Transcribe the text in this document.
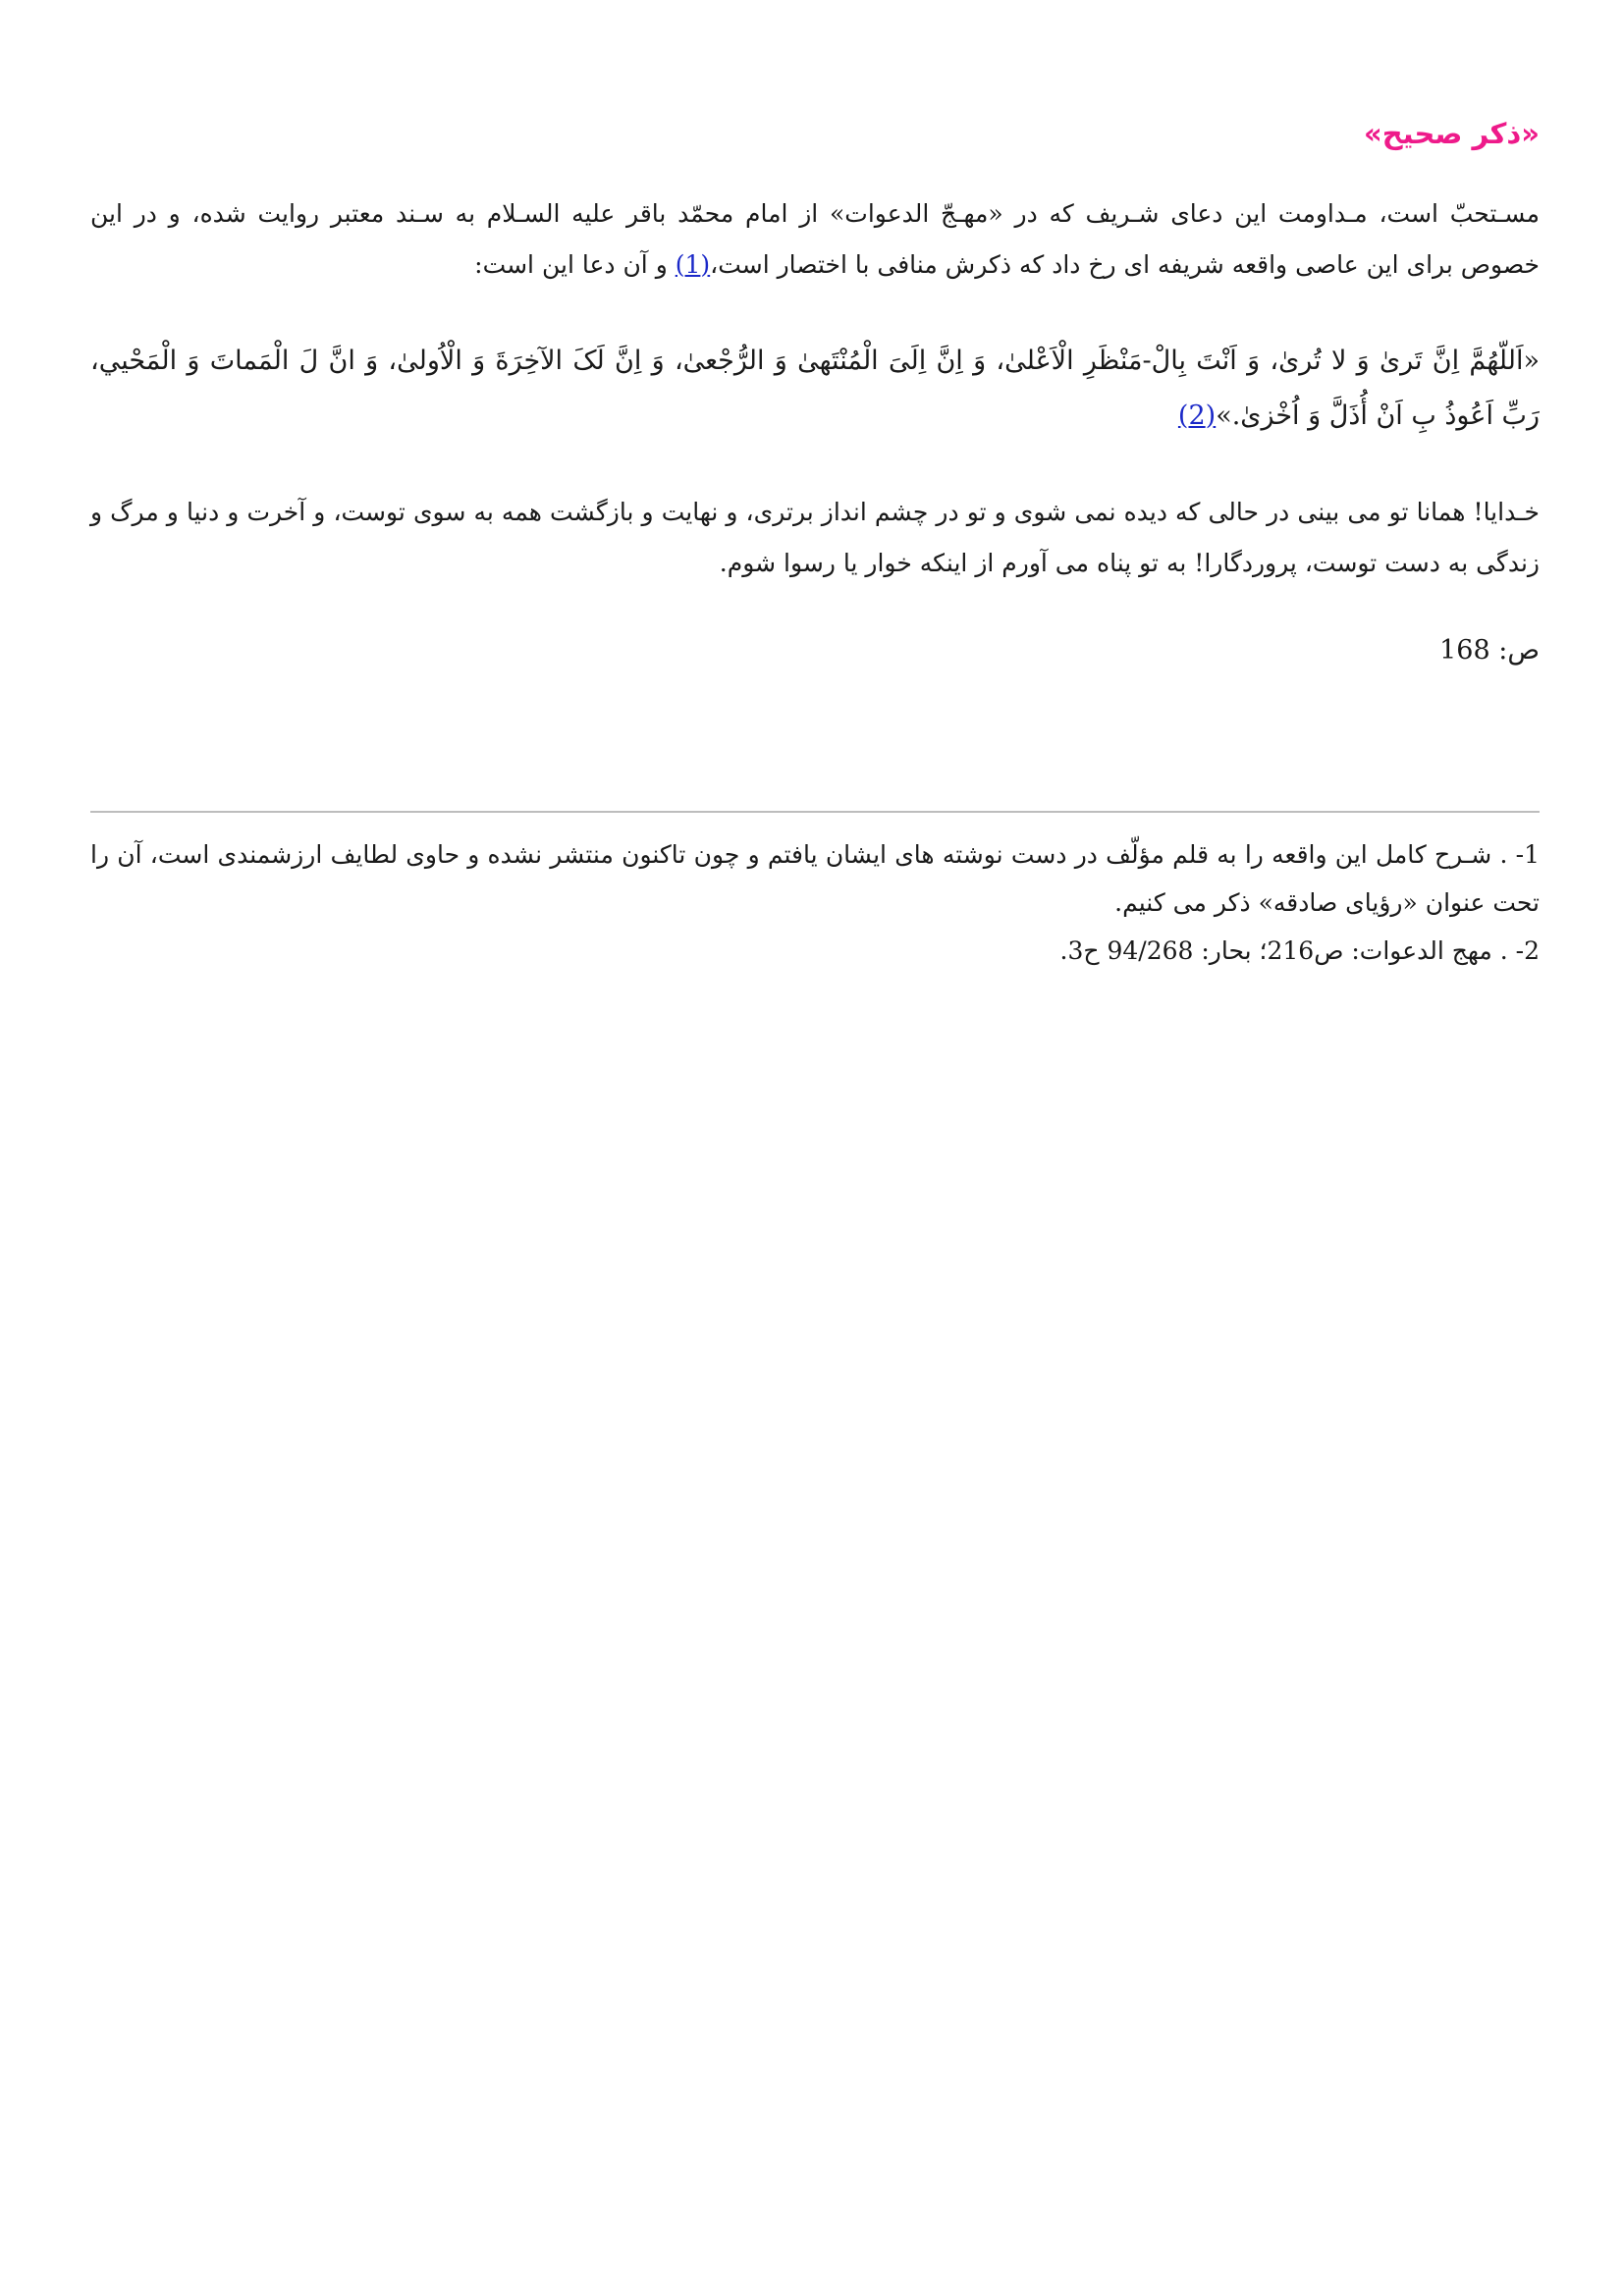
«ذکر صحیح»

مسـتحبّ است، مـداومت این دعای شـریف که در «مهـجّ الدعوات» از امام محمّد باقر علیه السـلام به سـند معتبر روایت شده، و در این خصوص برای این عاصی واقعه شریفه ای رخ داد که ذکرش منافی با اختصار است،(1) و آن دعا این است:

«اَللّهُمَّ اِنَّ تَریٰ وَ لا تُریٰ، وَ اَنْتَ بِالْ-مَنْظَرِ الْاَعْلیٰ، وَ اِنَّ اِلَیَ الْمُنْتَهیٰ وَ الرُّجْعیٰ، وَ اِنَّ لَکَ الآخِرَةَ وَ الْاُولیٰ، وَ انَّ لَ الْمَماتَ وَ الْمَحْیي، رَبِّ اَعُوذُ بِ اَنْ أُذَلَّ وَ اُخْزیٰ.»(2)

خـدایا! همانا تو می بینی در حالی که دیده نمی شوی و تو در چشم انداز برتری، و نهایت و بازگشت همه به سوی توست، و آخرت و دنیا و مرگ و زندگی به دست توست، پروردگارا! به تو پناه می آورم از اینکه خوار یا رسوا شوم.

ص: 168

1- . شـرح کامل این واقعه را به قلم مؤلّف در دست نوشته های ایشان یافتم و چون تاکنون منتشر نشده و حاوی لطایف ارزشمندی است، آن را تحت عنوان «رؤیای صادقه» ذکر می کنیم.

2- . مهج الدعوات: ص216؛ بحار: 94/268 ح3.
